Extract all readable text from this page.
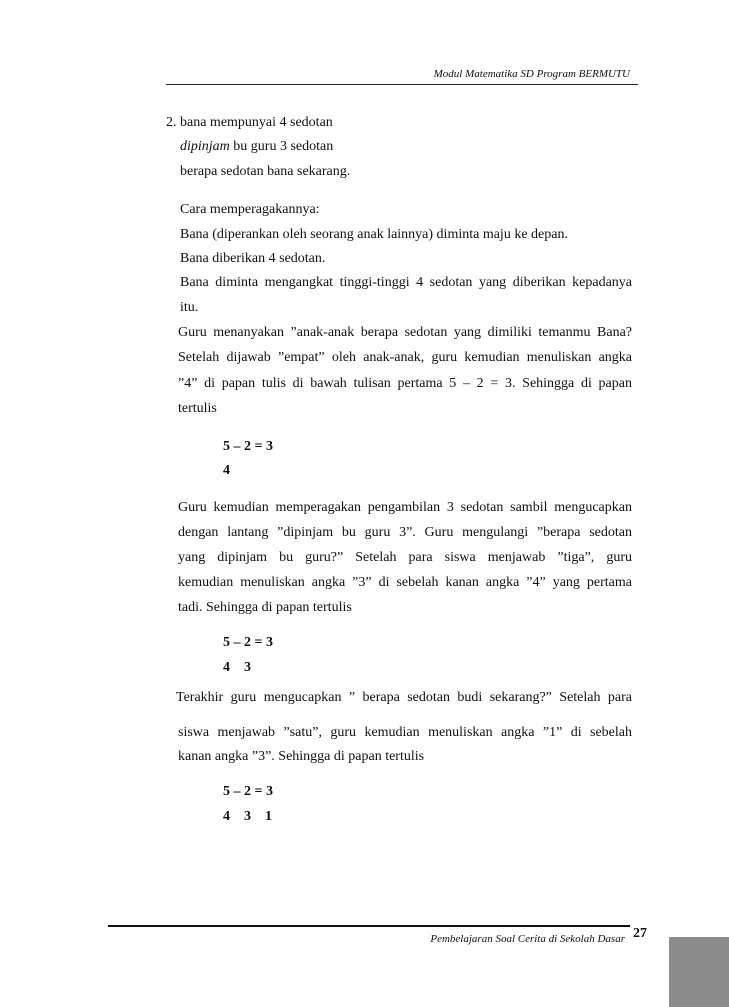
Modul Matematika SD Program BERMUTU
2. bana mempunyai 4 sedotan
dipinjam bu guru 3 sedotan
berapa sedotan bana sekarang.
Cara memperagakannya:
Bana (diperankan oleh seorang anak lainnya) diminta maju ke depan.
Bana diberikan 4 sedotan.
Bana diminta mengangkat tinggi-tinggi 4 sedotan yang diberikan kepadanya
itu.
Guru menanyakan ”anak-anak berapa sedotan yang dimiliki temanmu Bana?
Setelah dijawab ”empat” oleh anak-anak, guru kemudian menuliskan angka
”4” di papan tulis di bawah tulisan pertama 5 – 2 = 3. Sehingga di papan
tertulis
5 – 2 = 3
4
Guru kemudian memperagakan pengambilan 3 sedotan sambil mengucapkan
dengan lantang ”dipinjam bu guru 3”. Guru mengulangi ”berapa sedotan
yang dipinjam bu guru?” Setelah para siswa menjawab ”tiga”, guru
kemudian menuliskan angka ”3” di sebelah kanan angka ”4” yang pertama
tadi. Sehingga di papan tertulis
5 – 2 = 3
4    3
Terakhir guru mengucapkan ” berapa sedotan budi sekarang?” Setelah para
siswa menjawab ”satu”, guru kemudian menuliskan angka ”1” di sebelah
kanan angka ”3”. Sehingga di papan tertulis
5 – 2 = 3
4    3    1
Pembelajaran Soal Cerita di Sekolah Dasar 27
